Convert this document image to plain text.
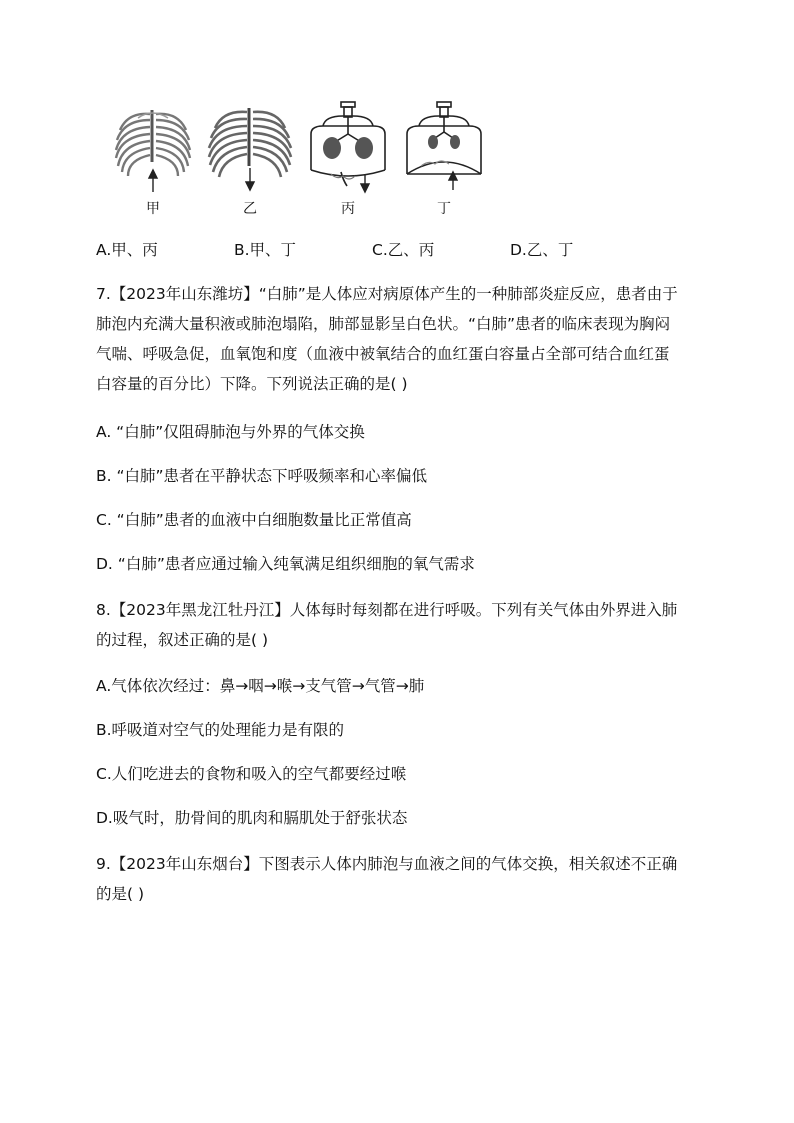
甲	乙	丙	丁
A.甲、丙	B.甲、丁	C.乙、丙	D.乙、丁
7.【2023年山东潍坊】“白肺”是人体应对病原体产生的一种肺部炎症反应，患者由于
肺泡内充满大量积液或肺泡塌陷，肺部显影呈白色状。“白肺”患者的临床表现为胸闷
气喘、呼吸急促，血氧饱和度（血液中被氧结合的血红蛋白容量占全部可结合血红蛋
白容量的百分比）下降。下列说法正确的是( )
A. “白肺”仅阻碍肺泡与外界的气体交换
B. “白肺”患者在平静状态下呼吸频率和心率偏低
C. “白肺”患者的血液中白细胞数量比正常值高
D. “白肺”患者应通过输入纯氧满足组织细胞的氧气需求
8.【2023年黑龙江牡丹江】人体每时每刻都在进行呼吸。下列有关气体由外界进入肺
的过程，叙述正确的是( )
A.气体依次经过：鼻→咽→喉→支气管→气管→肺
B.呼吸道对空气的处理能力是有限的
C.人们吃进去的食物和吸入的空气都要经过喉
D.吸气时，肋骨间的肌肉和膈肌处于舒张状态
9.【2023年山东烟台】下图表示人体内肺泡与血液之间的气体交换，相关叙述不正确
的是( )
